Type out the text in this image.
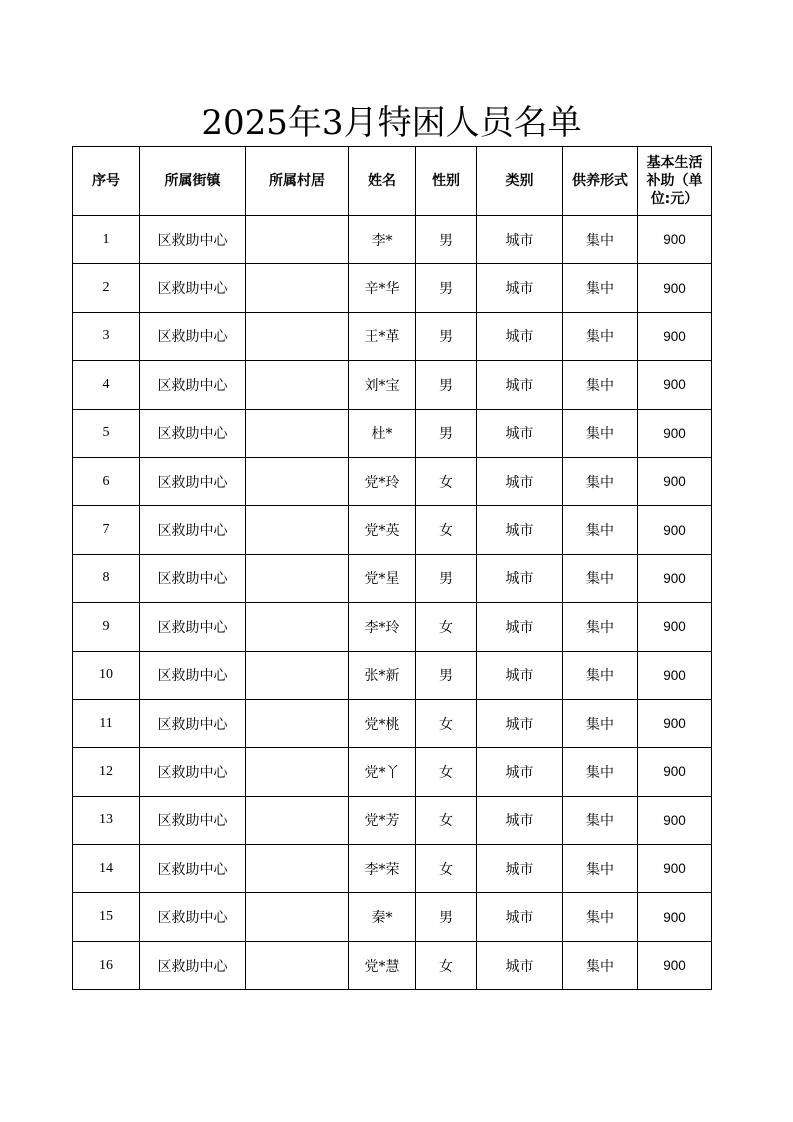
2025年3月特困人员名单
序号	所属街镇	所属村居	姓名	性别	类别	供养形式	基本生活补助（单位:元）
1	区救助中心		李*	男	城市	集中	900
2	区救助中心		辛*华	男	城市	集中	900
3	区救助中心		王*革	男	城市	集中	900
4	区救助中心		刘*宝	男	城市	集中	900
5	区救助中心		杜*	男	城市	集中	900
6	区救助中心		党*玲	女	城市	集中	900
7	区救助中心		党*英	女	城市	集中	900
8	区救助中心		党*星	男	城市	集中	900
9	区救助中心		李*玲	女	城市	集中	900
10	区救助中心		张*新	男	城市	集中	900
11	区救助中心		党*桃	女	城市	集中	900
12	区救助中心		党*丫	女	城市	集中	900
13	区救助中心		党*芳	女	城市	集中	900
14	区救助中心		李*荣	女	城市	集中	900
15	区救助中心		秦*	男	城市	集中	900
16	区救助中心		党*慧	女	城市	集中	900
